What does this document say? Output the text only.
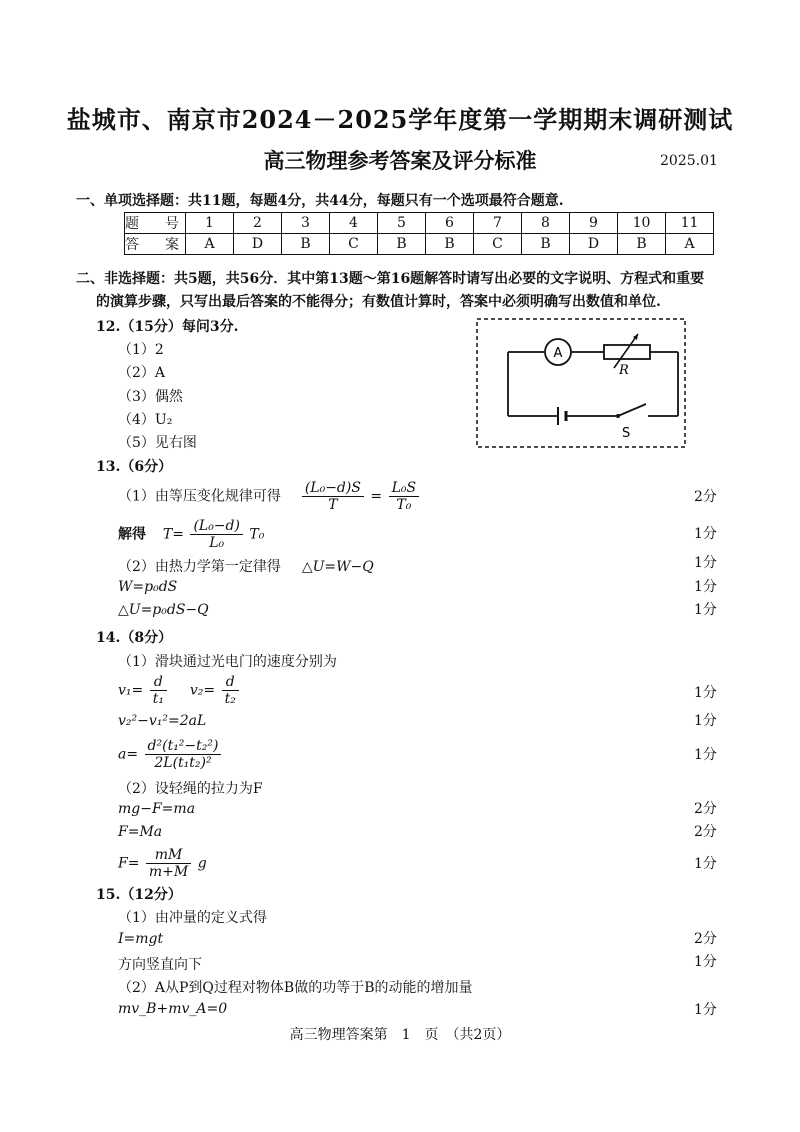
盐城市、南京市2024－2025学年度第一学期期末调研测试
高三物理参考答案及评分标准	2025.01
一、单项选择题：共11题，每题4分，共44分，每题只有一个选项最符合题意.
题　号	1	2	3	4	5	6	7	8	9	10	11
答　案	A	D	B	C	B	B	C	B	D	B	A
二、非选择题：共5题，共56分．其中第13题～第16题解答时请写出必要的文字说明、方程式和重要
的演算步骤，只写出最后答案的不能得分；有数值计算时，答案中必须明确写出数值和单位.
12.（15分）每问3分.
（1）2
（2）A
（3）偶然
（4）U₂
（5）见右图
A
R
S
13.（6分）
（1）由等压变化规律可得 $\frac{\text{(L₀−d)S}}{T} = \frac{\text{L₀S}}{\text{T₀}}$	2分
解得 $T= \frac{\text{(L₀−d)}}{\text{L₀}} T_0$	1分
（2）由热力学第一定律得 △U=W−Q	1分
W=p₀dS	1分
△U=p₀dS−Q	1分
14.（8分）
（1）滑块通过光电门的速度分别为
$v_1= \frac{d}{\text{t₁}} v_2= \frac{d}{\text{t₂}}$	1分
v₂²−v₁²=2aL	1分
$a= \frac{\text{d²(t₁²−t₂²)}}{\text{2L(t₁t₂)²}}$	1分
（2）设轻绳的拉力为F
mg−F=ma	2分
F=Ma	2分
$F= \frac{mM}{m+M}$ g	1分
15.（12分）
（1）由冲量的定义式得
I=mgt	2分
方向竖直向下	1分
（2）A从P到Q过程对物体B做的功等于B的动能的增加量
mv_B+mv_A=0	1分
高三物理答案第　1　页　（共2页）
